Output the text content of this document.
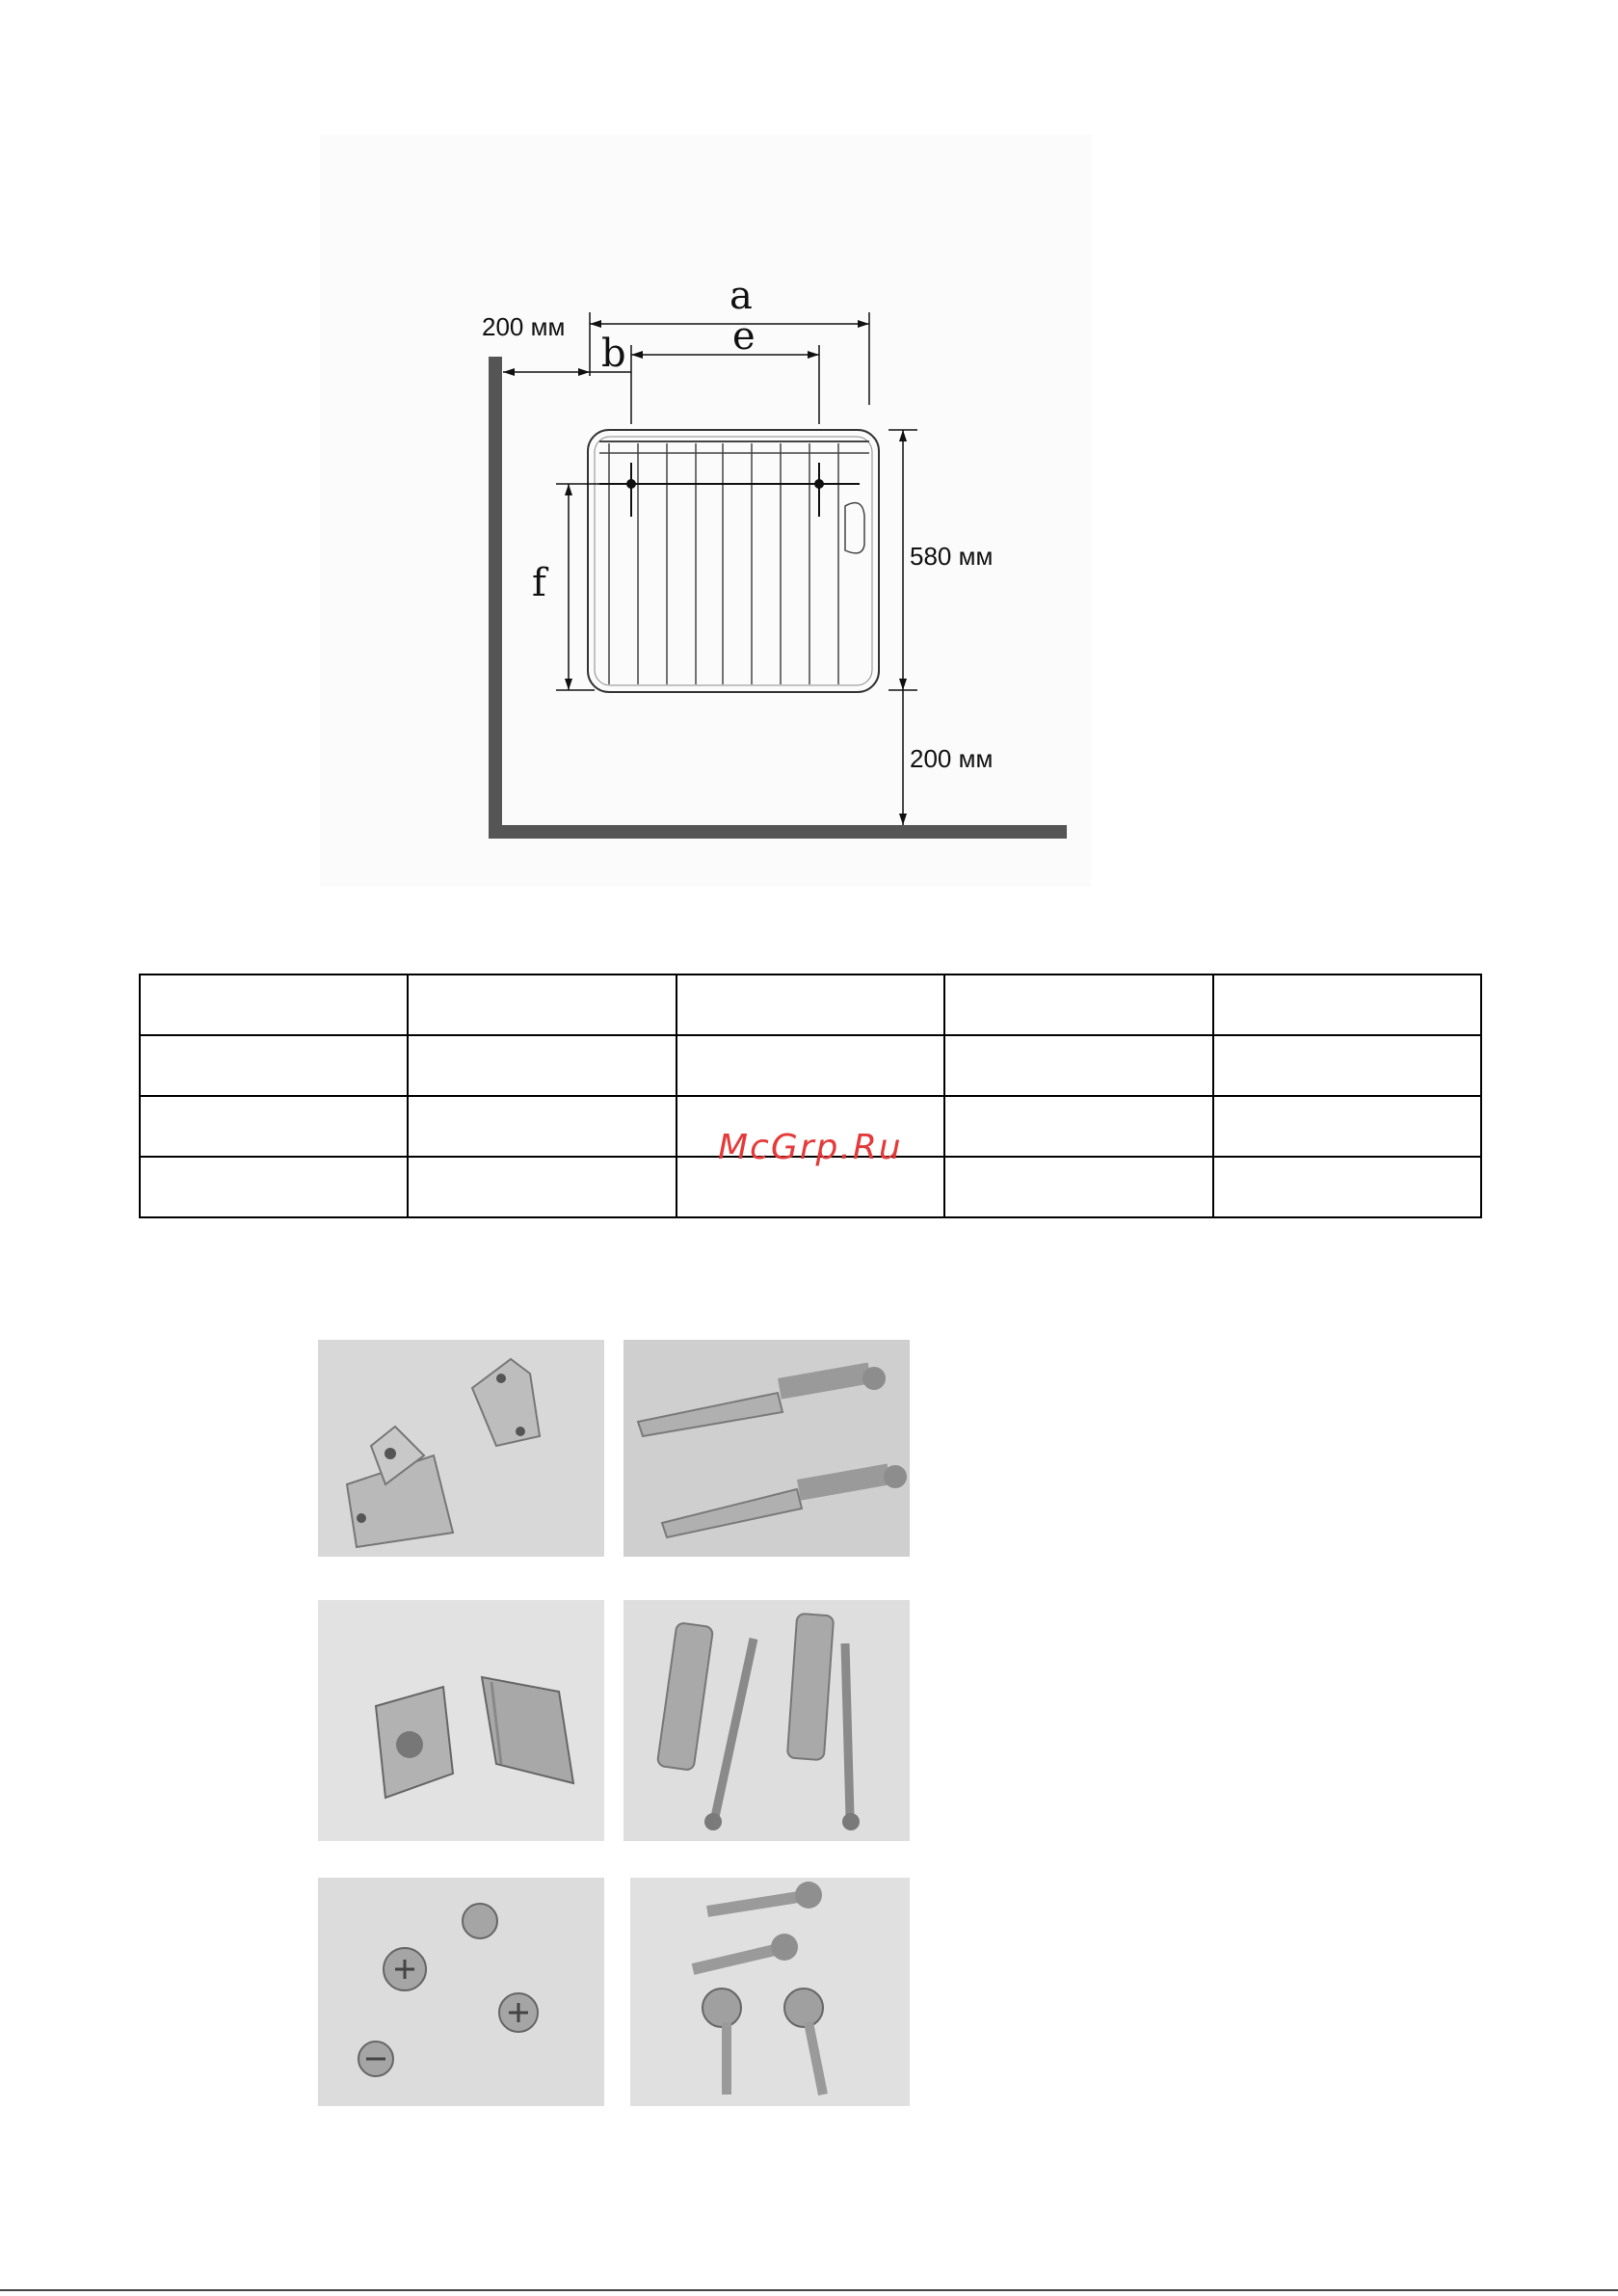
200 мм
a
e
b
f
580 мм
200 мм

McGrp.Ru
